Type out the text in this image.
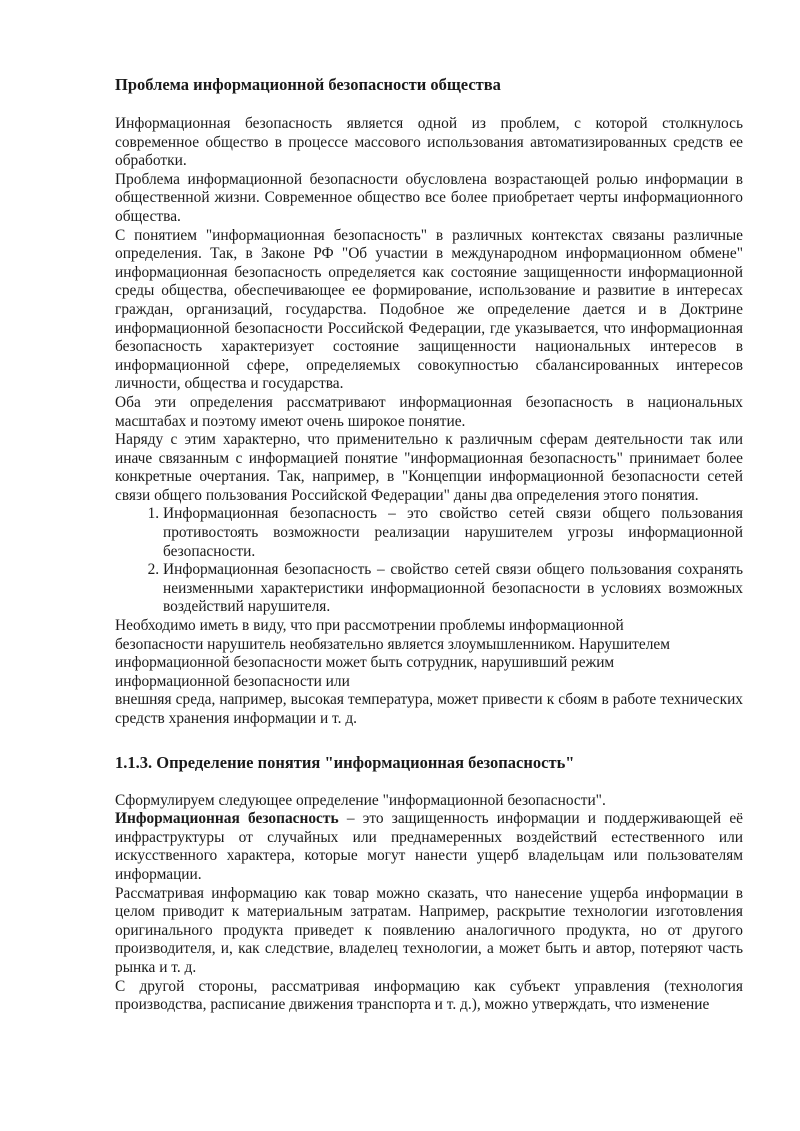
Проблема информационной безопасности общества

Информационная безопасность является одной из проблем, с которой столкнулось современное общество в процессе массового использования автоматизированных средств ее обработки.

Проблема информационной безопасности обусловлена возрастающей ролью информации в общественной жизни. Современное общество все более приобретает черты информационного общества.

С понятием "информационная безопасность" в различных контекстах связаны различные определения. Так, в Законе РФ "Об участии в международном информационном обмене" информационная безопасность определяется как состояние защищенности информационной среды общества, обеспечивающее ее формирование, использование и развитие в интересах граждан, организаций, государства. Подобное же определение дается и в Доктрине информационной безопасности Российской Федерации, где указывается, что информационная безопасность характеризует состояние защищенности национальных интересов в информационной сфере, определяемых совокупностью сбалансированных интересов личности, общества и государства.

Оба эти определения рассматривают информационная безопасность в национальных масштабах и поэтому имеют очень широкое понятие.

Наряду с этим характерно, что применительно к различным сферам деятельности так или иначе связанным с информацией понятие "информационная безопасность" принимает более конкретные очертания. Так, например, в "Концепции информационной безопасности сетей связи общего пользования Российской Федерации" даны два определения этого понятия.

1. Информационная безопасность – это свойство сетей связи общего пользования противостоять возможности реализации нарушителем угрозы информационной безопасности.
2. Информационная безопасность – свойство сетей связи общего пользования сохранять неизменными характеристики информационной безопасности в условиях возможных воздействий нарушителя.

Необходимо иметь в виду, что при рассмотрении проблемы информационной

безопасности нарушитель необязательно является злоумышленником. Нарушителем

информационной безопасности может быть сотрудник, нарушивший режим

информационной безопасности или

внешняя среда, например, высокая температура, может привести к сбоям в работе технических средств хранения информации и т. д.

1.1.3. Определение понятия "информационная безопасность"

Сформулируем следующее определение "информационной безопасности".

Информационная безопасность – это защищенность информации и поддерживающей её инфраструктуры от случайных или преднамеренных воздействий естественного или искусственного характера, которые могут нанести ущерб владельцам или пользователям информации.

Рассматривая информацию как товар можно сказать, что нанесение ущерба информации в целом приводит к материальным затратам. Например, раскрытие технологии изготовления оригинального продукта приведет к появлению аналогичного продукта, но от другого производителя, и, как следствие, владелец технологии, а может быть и автор, потеряют часть рынка и т. д.

С другой стороны, рассматривая информацию как субъект управления (технология производства, расписание движения транспорта и т. д.), можно утверждать, что изменение
